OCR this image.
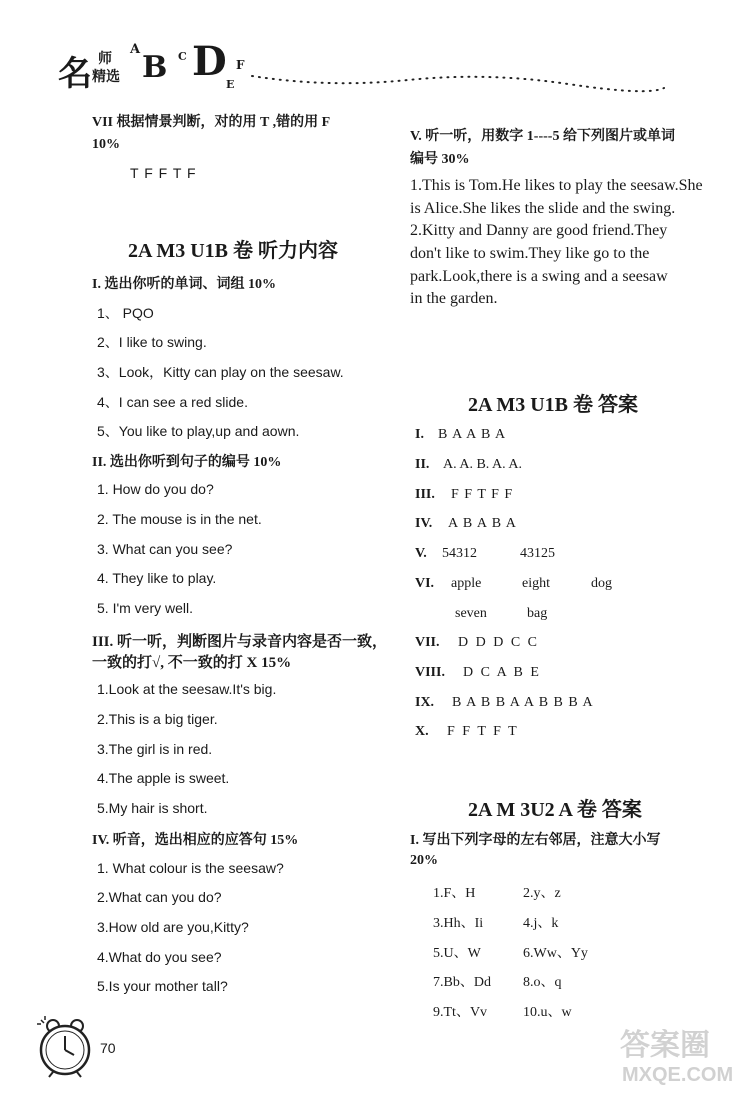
名 师
精选
A
B C D E
F
VII 根据情景判断，对的用 T ,错的用 F
10%
T F F T F
2A M3 U1B 卷 听力内容
I. 选出你听的单词、词组 10%
1、 PQO
2、I like to swing.
3、Look，Kitty can play on the seesaw.
4、I can see a red slide.
5、You like to play,up and aown.
II. 选出你听到句子的编号 10%
1. How do you do?
2. The mouse is in the net.
3. What can you see?
4. They like to play.
5. I'm very well.
III. 听一听，判断图片与录音内容是否一致，
一致的打√, 不一致的打 X 15%
1.Look at the seesaw.It's big.
2.This is a big tiger.
3.The girl is in red.
4.The apple is sweet.
5.My hair is short.
IV. 听音，选出相应的应答句 15%
1. What colour is the seesaw?
2.What can you do?
3.How old are you,Kitty?
4.What do you see?
5.Is your mother tall?
V. 听一听，用数字 1----5 给下列图片或单词
编号 30%
1.This is Tom.He likes to play the seesaw.She
is Alice.She likes the slide and the swing.
2.Kitty and Danny are good friend.They
don't like to swim.They like go to the
park.Look,there is a swing and a seesaw
in the garden.
2A M3 U1B 卷 答案
I. B A A B A
II. A. A. B. A. A.
III. F F T F F
IV. A B A B A
V. 54312	43125
VI. apple	eight	dog
seven	bag
VII. D D D C C
VIII. D C A B E
IX. B A B B A A B B B A
X. F F T F T
2A M 3U2 A 卷 答案
I. 写出下列字母的左右邻居，注意大小写
20%
1.F、H	2.y、z
3.Hh、Ii	4.j、k
5.U、W	6.Ww、Yy
7.Bb、Dd 8.o、q
9.Tt、Vv	10.u、w
70	答案圈
MXQE.COM
